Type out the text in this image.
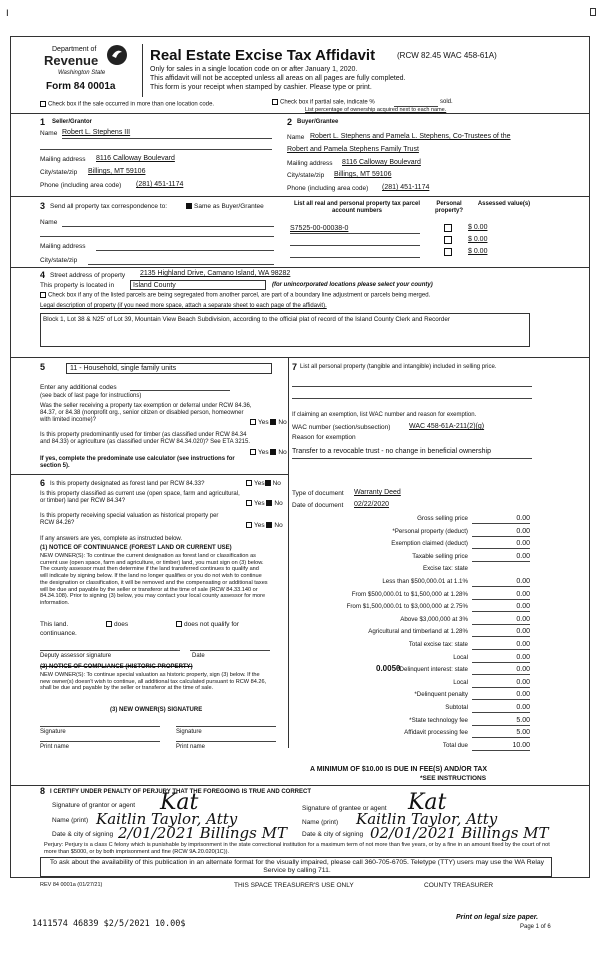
Ⅰ
Department of
Revenue
Washington State
Form 84 0001a
Real Estate Excise Tax Affidavit	(RCW 82.45 WAC 458-61A)
Only for sales in a single location code on or after January 1, 2020.
This affidavit will not be accepted unless all areas on all pages are fully completed.
This form is your receipt when stamped by cashier. Please type or print.
Check box if the sale occurred in more than one location code.	Check box if partial sale, indicate %	sold.
List percentage of ownership acquired next to each name.
1 Seller/Grantor
Name Robert L. Stephens III
Mailing address 8116 Calloway Boulevard
City/state/zip Billings, MT 59106
Phone (including area code) (281) 451-1174
2 Buyer/Grantee
Name Robert L. Stephens and Pamela L. Stephens, Co-Trustees of the
Robert and Pamela Stephens Family Trust
Mailing address 8116 Calloway Boulevard
City/state/zip Billings, MT 59106
Phone (including area code) (281) 451-1174
3 Send all property tax correspondence to:	Same as Buyer/Grantee
Name
Mailing address
City/state/zip
List all real and personal property tax parcel account numbers
Personal property?
Assessed value(s)
S7525-00-00038-0	$ 0.00
$ 0.00
$ 0.00
4 Street address of property 2135 Highland Drive, Camano Island, WA 98282
This property is located in	Island County	(for unincorporated locations please select your county)
Check box if any of the listed parcels are being segregated from another parcel, are part of a boundary line adjustment or parcels being merged.
Legal description of property (if you need more space, attach a separate sheet to each page of the affidavit).
Block 1, Lot 38 & N25' of Lot 39, Mountain View Beach Subdivision, according to the official plat of record of the Island County Clerk and Recorder
5	11 - Household, single family units
Enter any additional codes
(see back of last page for instructions)
Was the seller receiving a property tax exemption or deferral under RCW 84.36, 84.37, or 84.38 (nonprofit org., senior citizen or disabled person, homeowner with limited income)?	Yes No
Is this property predominantly used for timber (as classified under RCW 84.34 and 84.33) or agriculture (as classified under RCW 84.34.020)? See ETA 3215.
Yes No
If yes, complete the predominate use calculator (see instructions for section 5).
6 Is this property designated as forest land per RCW 84.33?	Yes No
Is this property classified as current use (open space, farm and agricultural, or timber) land per RCW 84.34?	Yes No
Is this property receiving special valuation as historical property per RCW 84.26?	Yes No
If any answers are yes, complete as instructed below.
(1) NOTICE OF CONTINUANCE (FOREST LAND OR CURRENT USE)
NEW OWNER(S): To continue the current designation as forest land or classification as current use (open space, farm and agriculture, or timber) land, you must sign on (3) below. The county assessor must then determine if the land transferred continues to qualify and will indicate by signing below. If the land no longer qualifies or you do not wish to continue the designation or classification, it will be removed and the compensating or additional taxes will be due and payable by the seller or transferor at the time of sale (RCW 84.33.140 or 84.34.108). Prior to signing (3) below, you may contact your local county assessor for more information.
This land.	does	does not qualify for
continuance.
Deputy assessor signature	Date
(2) NOTICE OF COMPLIANCE (HISTORIC PROPERTY)
NEW OWNER(S): To continue special valuation as historic property, sign (3) below. If the new owner(s) doesn't wish to continue, all additional tax calculated pursuant to RCW 84.26, shall be due and payable by the seller or transferor at the time of sale.
(3) NEW OWNER(S) SIGNATURE
Signature	Signature
Print name	Print name
7 List all personal property (tangible and intangible) included in selling price.
If claiming an exemption, list WAC number and reason for exemption.
WAC number (section/subsection)	WAC 458-61A-211(2)(g)
Reason for exemption
Transfer to a revocable trust - no change in beneficial ownership
Type of document Warranty Deed
Date of document 02/22/2020
Gross selling price	0.00
*Personal property (deduct)	0.00
Exemption claimed (deduct)	0.00
Taxable selling price	0.00
Excise tax: state
Less than $500,000.01 at 1.1%	0.00
From $500,000.01 to $1,500,000 at 1.28%	0.00
From $1,500,000.01 to $3,000,000 at 2.75%	0.00
Above $3,000,000 at 3%	0.00
Agricultural and timberland at 1.28%	0.00
Total excise tax: state	0.00
Local	0.00
*Delinquent interest: state	0.00
Local	0.00
*Delinquent penalty	0.00
Subtotal	0.00
*State technology fee	5.00
Affidavit processing fee	5.00
Total due	10.00
0.0050
A MINIMUM OF $10.00 IS DUE IN FEE(S) AND/OR TAX
*SEE INSTRUCTIONS
8 I CERTIFY UNDER PENALTY OF PERJURY THAT THE FOREGOING IS TRUE AND CORRECT
Signature of grantor or agent Kat
Name (print) Kaitlin Taylor, Atty
Date & city of signing 2/01/2021 Billings MT
Signature of grantee or agent Kat
Name (print) Kaitlin Taylor, Atty
Date & city of signing 02/01/2021 Billings MT
Perjury: Perjury is a class C felony which is punishable by imprisonment in the state correctional institution for a maximum term of not more than five years, or by a fine in an amount fixed by the court of not more than $5000, or by both imprisonment and fine (RCW 9A.20.020(1C)).
To ask about the availability of this publication in an alternate format for the visually impaired, please call 360-705-6705. Teletype (TTY) users may use the WA Relay Service by calling 711.
REV 84 0001a (01/27/21)	THIS SPACE TREASURER'S USE ONLY	COUNTY TREASURER
1411574 46839 $2/5/2021 10.00$
Print on legal size paper.
Page 1 of 6
